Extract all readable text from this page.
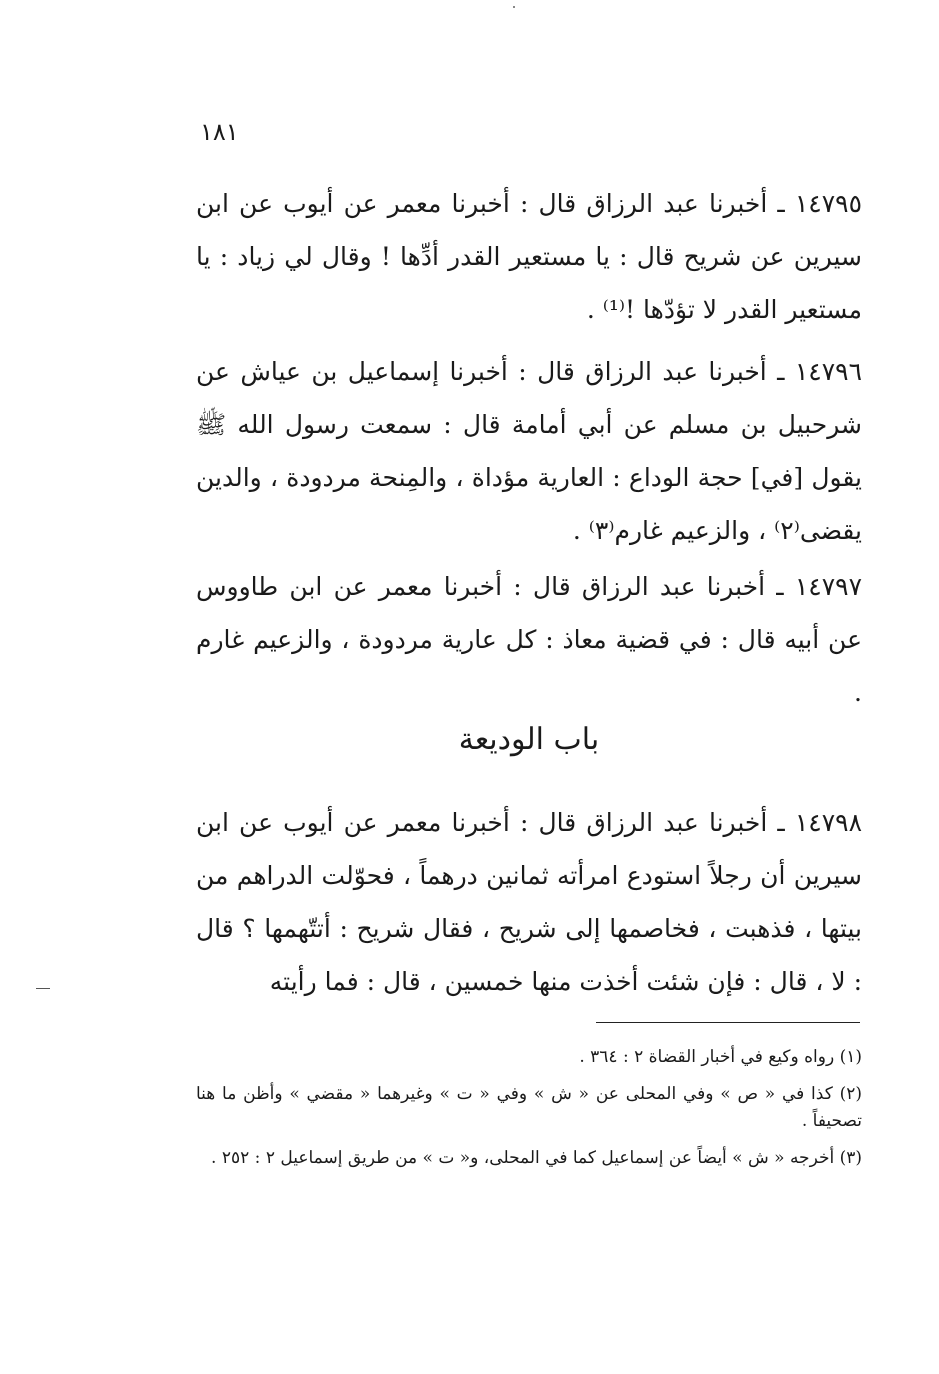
١٨١

١٤٧٩٥ ـ أخبرنا عبد الرزاق قال : أخبرنا معمر عن أيوب عن ابن سيرين عن شريح قال : يا مستعير القدر أدِّها ! وقال لي زياد : يا مستعير القدر لا تؤدّها !⁽¹⁾ .

١٤٧٩٦ ـ أخبرنا عبد الرزاق قال : أخبرنا إسماعيل بن عياش عن شرحبيل بن مسلم عن أبي أمامة قال : سمعت رسول الله ﷺ يقول [في] حجة الوداع : العارية مؤداة ، والمِنحة مردودة ، والدين يقضى⁽٢⁾ ، والزعيم غارم⁽٣⁾ .

١٤٧٩٧ ـ أخبرنا عبد الرزاق قال : أخبرنا معمر عن ابن طاووس عن أبيه قال : في قضية معاذ : كل عارية مردودة ، والزعيم غارم .

باب الوديعة

١٤٧٩٨ ـ أخبرنا عبد الرزاق قال : أخبرنا معمر عن أيوب عن ابن سيرين أن رجلاً استودع امرأته ثمانين درهماً ، فحوّلت الدراهم من بيتها ، فذهبت ، فخاصمها إلى شريح ، فقال شريح : أتتّهمها ؟ قال : لا ، قال : فإن شئت أخذت منها خمسين ، قال : فما رأيته

(١) رواه وكيع في أخبار القضاة ٢ : ٣٦٤ .

(٢) كذا في « ص » وفي المحلى عن « ش » وفي « ت » وغيرهما « مقضي » وأظن ما هنا تصحيفاً .

(٣) أخرجه « ش » أيضاً عن إسماعيل كما في المحلى، و« ت » من طريق إسماعيل ٢ : ٢٥٢ .
